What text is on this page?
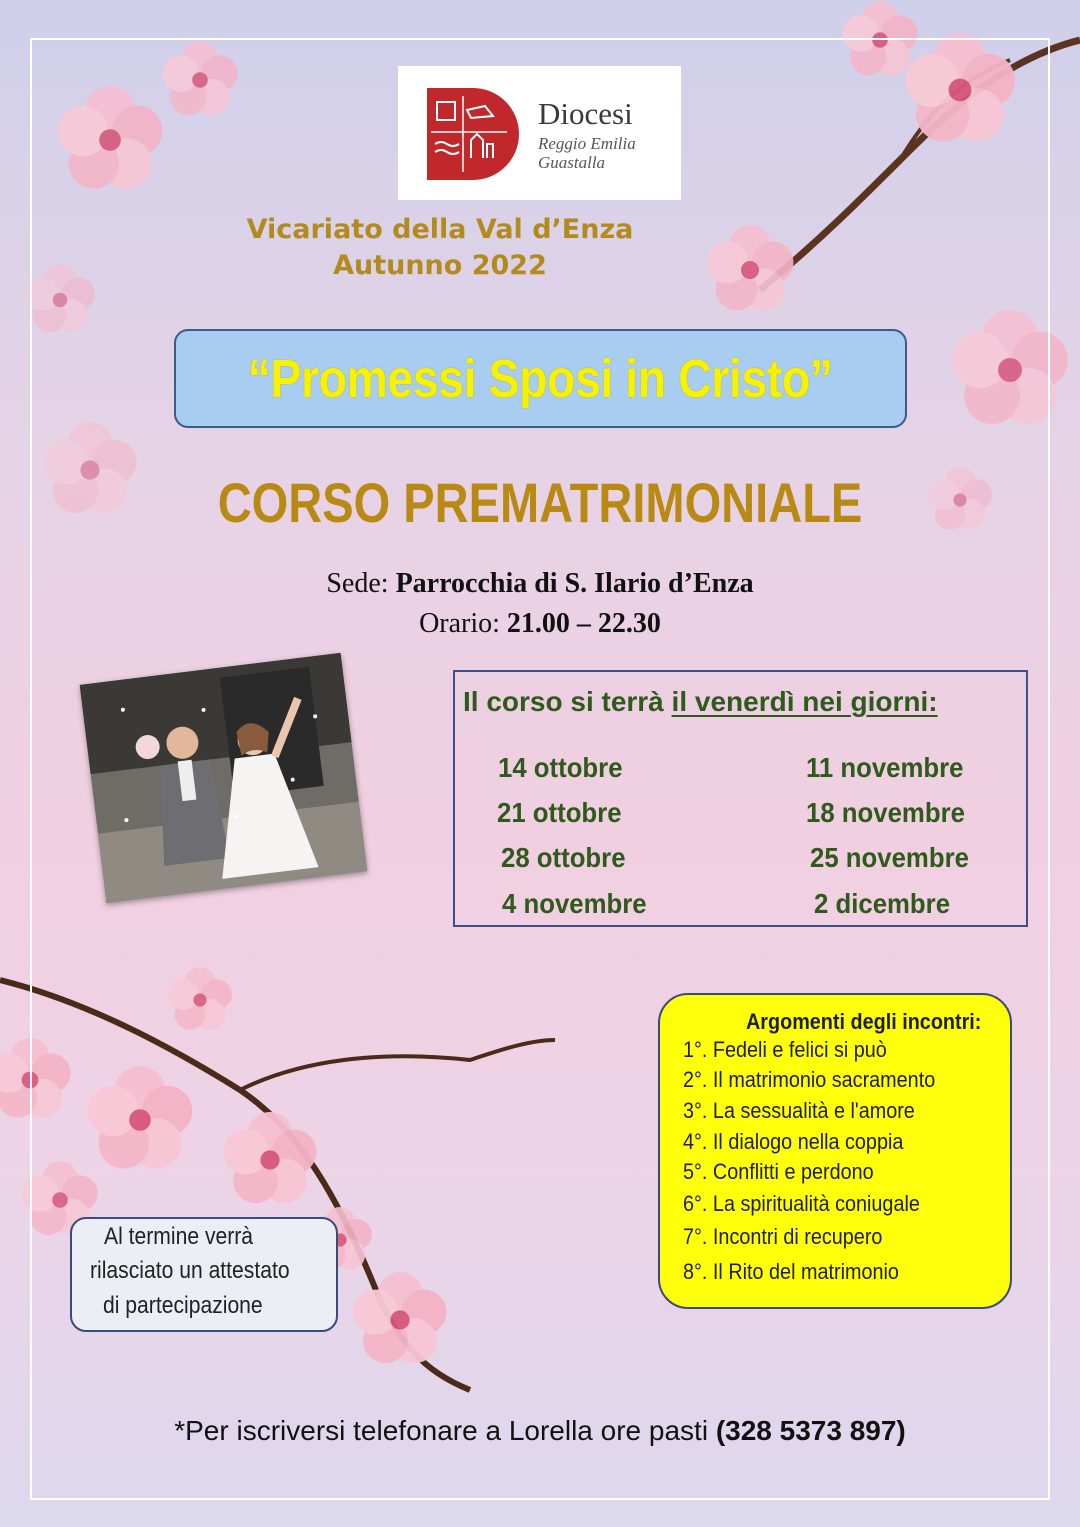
Diocesi
Reggio Emilia
Guastalla
Vicariato della Val d’Enza
Autunno 2022
“Promessi Sposi in Cristo”
CORSO PREMATRIMONIALE
Sede: Parrocchia di S. Ilario d’Enza
Orario: 21.00 – 22.30
Il corso si terrà il venerdì nei giorni:
14 ottobre
21 ottobre
28 ottobre
4 novembre
11 novembre
18 novembre
25 novembre
2 dicembre
Argomenti degli incontri:
1°. Fedeli e felici si può
2°. Il matrimonio sacramento
3°. La sessualità e l'amore
4°. Il dialogo nella coppia
5°. Conflitti e perdono
6°. La spiritualità coniugale
7°. Incontri di recupero
8°. Il Rito del matrimonio
Al termine verrà
rilasciato un attestato
di partecipazione
*Per iscriversi telefonare a Lorella ore pasti (328 5373 897)
